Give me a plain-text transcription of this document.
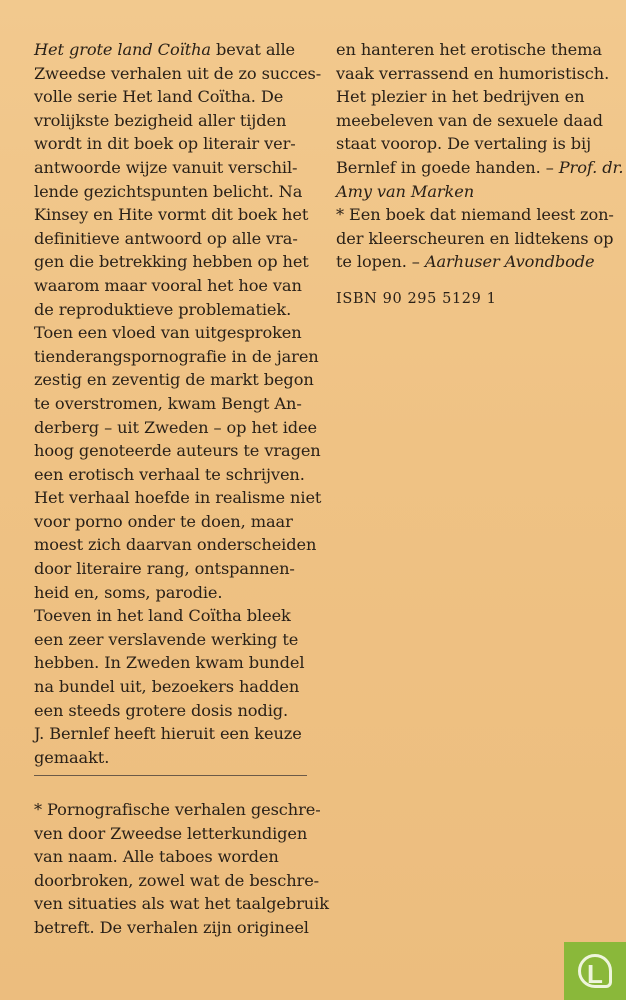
Het grote land Coïtha bevat alle
Zweedse verhalen uit de zo succes-
volle serie Het land Coïtha. De
vrolijkste bezigheid aller tijden
wordt in dit boek op literair ver-
antwoorde wijze vanuit verschil-
lende gezichtspunten belicht. Na
Kinsey en Hite vormt dit boek het
definitieve antwoord op alle vra-
gen die betrekking hebben op het
waarom maar vooral het hoe van
de reproduktieve problematiek.
Toen een vloed van uitgesproken
tienderangspornografie in de jaren
zestig en zeventig de markt begon
te overstromen, kwam Bengt An-
derberg – uit Zweden – op het idee
hoog genoteerde auteurs te vragen
een erotisch verhaal te schrijven.
Het verhaal hoefde in realisme niet
voor porno onder te doen, maar
moest zich daarvan onderscheiden
door literaire rang, ontspannen-
heid en, soms, parodie.
Toeven in het land Coïtha bleek
een zeer verslavende werking te
hebben. In Zweden kwam bundel
na bundel uit, bezoekers hadden
een steeds grotere dosis nodig.
J. Bernlef heeft hieruit een keuze
gemaakt.
* Pornografische verhalen geschre-
ven door Zweedse letterkundigen
van naam. Alle taboes worden
doorbroken, zowel wat de beschre-
ven situaties als wat het taalgebruik
betreft. De verhalen zijn origineel
en hanteren het erotische thema
vaak verrassend en humoristisch.
Het plezier in het bedrijven en
meebeleven van de sexuele daad
staat voorop. De vertaling is bij
Bernlef in goede handen. – Prof. dr.
Amy van Marken
* Een boek dat niemand leest zon-
der kleerscheuren en lidtekens op
te lopen. – Aarhuser Avondbode
ISBN 90 295 5129 1
L
